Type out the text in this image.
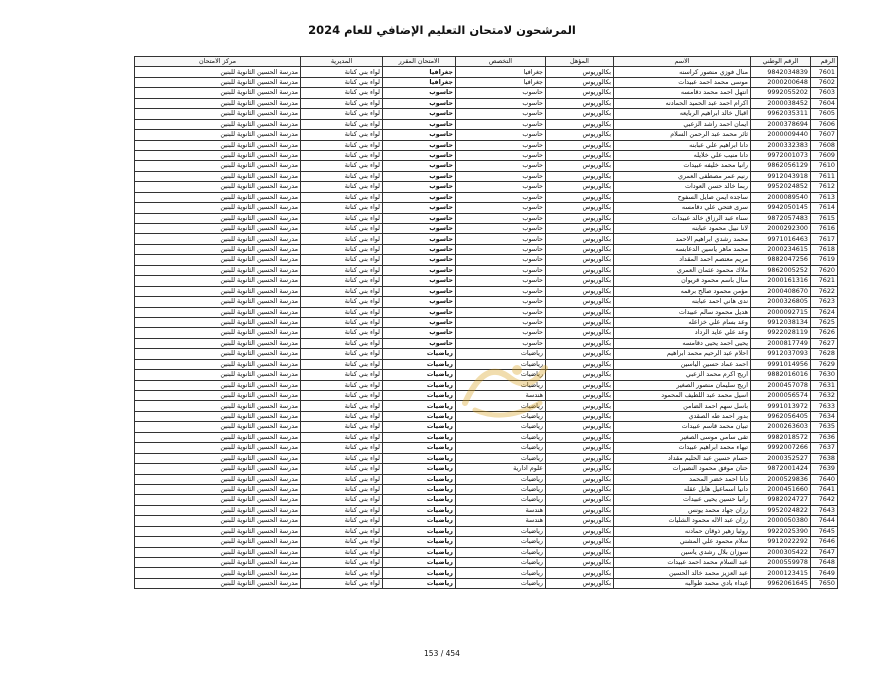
المرشحون لامتحان التعليم الإضافي للعام 2024
الرقم	الرقم الوطني	الاسم	المؤهل	التخصص	الامتحان المقرر	المديرية	مركز الامتحان
7601	9842034839	منال فوزي منصور كراسنه	بكالوريوس	جغرافيا	جغرافيا	لواء بني كنانة	مدرسة الحسين الثانوية للبنين
7602	2000200648	موسى محمد احمد عبيدات	بكالوريوس	جغرافيا	جغرافيا	لواء بني كنانة	مدرسة الحسين الثانوية للبنين
7603	9992055202	انتهل احمد محمد دقامسه	بكالوريوس	حاسوب	حاسوب	لواء بني كنانة	مدرسة الحسين الثانوية للبنين
7604	2000038452	اكرام احمد عبد الحميد الحمادنه	بكالوريوس	حاسوب	حاسوب	لواء بني كنانة	مدرسة الحسين الثانوية للبنين
7605	9962035311	اقبال خالد ابراهيم الربايعه	بكالوريوس	حاسوب	حاسوب	لواء بني كنانة	مدرسة الحسين الثانوية للبنين
7606	2000378694	ايمان احمد راشد الزعبي	بكالوريوس	حاسوب	حاسوب	لواء بني كنانة	مدرسة الحسين الثانوية للبنين
7607	2000009440	ثائر محمد عبد الرحمن السلام	بكالوريوس	حاسوب	حاسوب	لواء بني كنانة	مدرسة الحسين الثانوية للبنين
7608	2000332383	دانا ابراهيم علي عبابنه	بكالوريوس	حاسوب	حاسوب	لواء بني كنانة	مدرسة الحسين الثانوية للبنين
7609	9972001073	دانا منيب علي خلايله	بكالوريوس	حاسوب	حاسوب	لواء بني كنانة	مدرسة الحسين الثانوية للبنين
7610	9862056129	رانيا محمد خليفه عبيدات	بكالوريوس	حاسوب	حاسوب	لواء بني كنانة	مدرسة الحسين الثانوية للبنين
7611	9912043918	رنيم عمر مصطفى العمري	بكالوريوس	حاسوب	حاسوب	لواء بني كنانة	مدرسة الحسين الثانوية للبنين
7612	9952024852	ربما خالد حسن العودات	بكالوريوس	حاسوب	حاسوب	لواء بني كنانة	مدرسة الحسين الثانوية للبنين
7613	2000089540	ساجده ايمن صايل السفوح	بكالوريوس	حاسوب	حاسوب	لواء بني كنانة	مدرسة الحسين الثانوية للبنين
7614	9942050145	سرى فتحي علي دقامسه	بكالوريوس	حاسوب	حاسوب	لواء بني كنانة	مدرسة الحسين الثانوية للبنين
7615	9872057483	سناء عبد الرزاق خالد عبيدات	بكالوريوس	حاسوب	حاسوب	لواء بني كنانة	مدرسة الحسين الثانوية للبنين
7616	2000292300	لانا نبيل محمود عبابنه	بكالوريوس	حاسوب	حاسوب	لواء بني كنانة	مدرسة الحسين الثانوية للبنين
7617	9971016463	محمد رشدي ابراهيم الاحمد	بكالوريوس	حاسوب	حاسوب	لواء بني كنانة	مدرسة الحسين الثانوية للبنين
7618	2000234615	محمد ماهر ياسين الدعابسه	بكالوريوس	حاسوب	حاسوب	لواء بني كنانة	مدرسة الحسين الثانوية للبنين
7619	9882047256	مريم معتصم احمد المقداد	بكالوريوس	حاسوب	حاسوب	لواء بني كنانة	مدرسة الحسين الثانوية للبنين
7620	9862005252	ملاك محمود عثمان العمري	بكالوريوس	حاسوب	حاسوب	لواء بني كنانة	مدرسة الحسين الثانوية للبنين
7621	2000161316	منال باسم محمود قريوان	بكالوريوس	حاسوب	حاسوب	لواء بني كنانة	مدرسة الحسين الثانوية للبنين
7622	2000408670	مؤمن محمود صالح برقمه	بكالوريوس	حاسوب	حاسوب	لواء بني كنانة	مدرسة الحسين الثانوية للبنين
7623	2000326805	ندى هاني احمد عبابنه	بكالوريوس	حاسوب	حاسوب	لواء بني كنانة	مدرسة الحسين الثانوية للبنين
7624	2000092715	هديل محمود سالم عبيدات	بكالوريوس	حاسوب	حاسوب	لواء بني كنانة	مدرسة الحسين الثانوية للبنين
7625	9912038134	وعد بسام علي خزاعله	بكالوريوس	حاسوب	حاسوب	لواء بني كنانة	مدرسة الحسين الثانوية للبنين
7626	9922028119	وعد علي عايد الرداد	بكالوريوس	حاسوب	حاسوب	لواء بني كنانة	مدرسة الحسين الثانوية للبنين
7627	2000817749	يحيى احمد يحيى دقامسه	بكالوريوس	حاسوب	حاسوب	لواء بني كنانة	مدرسة الحسين الثانوية للبنين
7628	9912037093	احلام عبد الرحيم محمد ابراهيم	بكالوريوس	رياضيات	رياضيات	لواء بني كنانة	مدرسة الحسين الثانوية للبنين
7629	9991014956	احمد عماد حسين الياسين	بكالوريوس	رياضيات	رياضيات	لواء بني كنانة	مدرسة الحسين الثانوية للبنين
7630	9882016016	اريج اكرم محمد الزعبي	بكالوريوس	رياضيات	رياضيات	لواء بني كنانة	مدرسة الحسين الثانوية للبنين
7631	2000457078	اريج سليمان منصور الصغير	بكالوريوس	رياضيات	رياضيات	لواء بني كنانة	مدرسة الحسين الثانوية للبنين
7632	2000056574	اسيل محمد عبد اللطيف المحمود	بكالوريوس	هندسة	رياضيات	لواء بني كنانة	مدرسة الحسين الثانوية للبنين
7633	9991013972	باسل سهم احمد الضامن	بكالوريوس	رياضيات	رياضيات	لواء بني كنانة	مدرسة الحسين الثانوية للبنين
7634	9962056405	بدور احمد طه الصقدي	بكالوريوس	رياضيات	رياضيات	لواء بني كنانة	مدرسة الحسين الثانوية للبنين
7635	2000263603	تبيان محمد قاسم عبيدات	بكالوريوس	رياضيات	رياضيات	لواء بني كنانة	مدرسة الحسين الثانوية للبنين
7636	9982018572	تقى سامي موسى الصغير	بكالوريوس	رياضيات	رياضيات	لواء بني كنانة	مدرسة الحسين الثانوية للبنين
7637	9992007266	تيهاء محمد ابراهيم عبيدات	بكالوريوس	رياضيات	رياضيات	لواء بني كنانة	مدرسة الحسين الثانوية للبنين
7638	2000352527	حسام حسين عبد الحليم مقداد	بكالوريوس	رياضيات	رياضيات	لواء بني كنانة	مدرسة الحسين الثانوية للبنين
7639	9872001424	حنان موفق محمود النصيرات	بكالوريوس	علوم ادارية	رياضيات	لواء بني كنانة	مدرسة الحسين الثانوية للبنين
7640	2000529836	دانا احمد خضر المحمد	بكالوريوس	رياضيات	رياضيات	لواء بني كنانة	مدرسة الحسين الثانوية للبنين
7641	2000451660	دانيا اسماعيل هايل عقله	بكالوريوس	رياضيات	رياضيات	لواء بني كنانة	مدرسة الحسين الثانوية للبنين
7642	9982024727	رانيا حسين يحيى عبيدات	بكالوريوس	رياضيات	رياضيات	لواء بني كنانة	مدرسة الحسين الثانوية للبنين
7643	9952024822	رزان جهاد محمد يونس	بكالوريوس	هندسة	رياضيات	لواء بني كنانة	مدرسة الحسين الثانوية للبنين
7644	2000050380	رزان عبد الاله محمود الشليات	بكالوريوس	هندسة	رياضيات	لواء بني كنانة	مدرسة الحسين الثانوية للبنين
7645	9922025390	روئيا زهير ذوقان حمادنه	بكالوريوس	رياضيات	رياضيات	لواء بني كنانة	مدرسة الحسين الثانوية للبنين
7646	9912022292	سلام محمود علي المشني	بكالوريوس	رياضيات	رياضيات	لواء بني كنانة	مدرسة الحسين الثانوية للبنين
7647	2000305422	سوزان بلال رشدي ياسين	بكالوريوس	رياضيات	رياضيات	لواء بني كنانة	مدرسة الحسين الثانوية للبنين
7648	2000559978	عبد السلام محمد احمد عبيدات	بكالوريوس	رياضيات	رياضيات	لواء بني كنانة	مدرسة الحسين الثانوية للبنين
7649	2000123415	عبد العزيز محمد خالد الحسين	بكالوريوس	رياضيات	رياضيات	لواء بني كنانة	مدرسة الحسين الثانوية للبنين
7650	9962061645	غيداء بادي محمد طوالبه	بكالوريوس	رياضيات	رياضيات	لواء بني كنانة	مدرسة الحسين الثانوية للبنين
153 / 454
